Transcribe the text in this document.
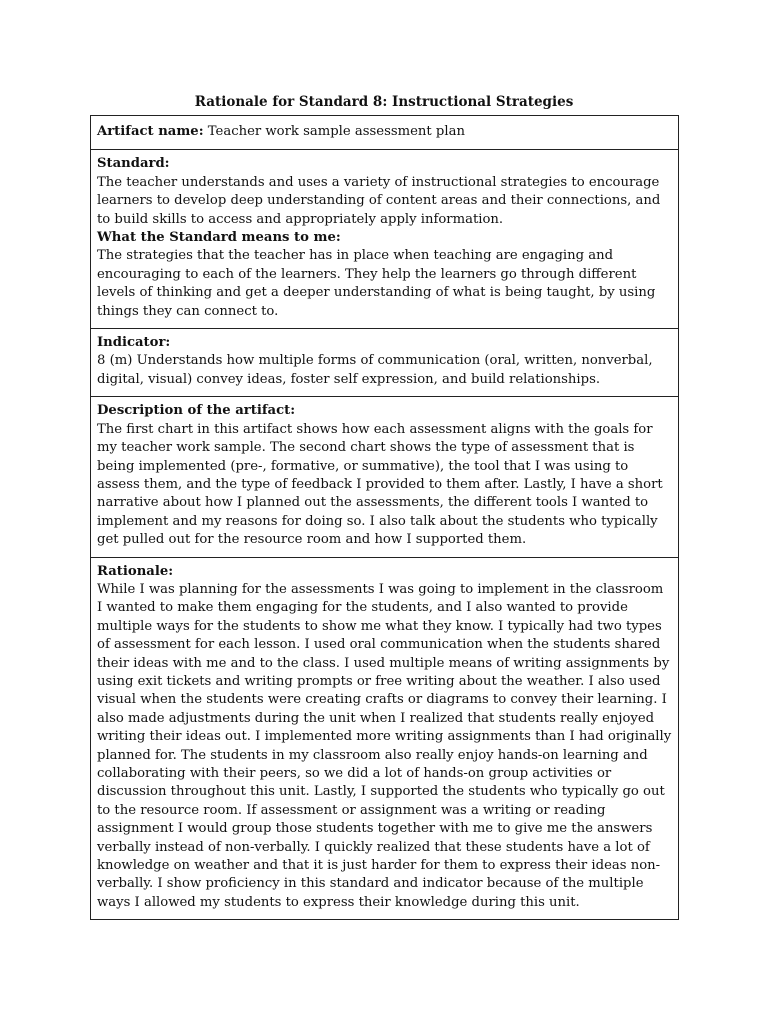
Rationale for Standard 8: Instructional Strategies
Artifact name: Teacher work sample assessment plan
Standard:
The teacher understands and uses a variety of instructional strategies to encourage learners to develop deep understanding of content areas and their connections, and to build skills to access and appropriately apply information.
What the Standard means to me:
The strategies that the teacher has in place when teaching are engaging and encouraging to each of the learners. They help the learners go through different levels of thinking and get a deeper understanding of what is being taught, by using things they can connect to.
Indicator:
8 (m) Understands how multiple forms of communication (oral, written, nonverbal, digital, visual) convey ideas, foster self expression, and build relationships.
Description of the artifact:
The first chart in this artifact shows how each assessment aligns with the goals for my teacher work sample. The second chart shows the type of assessment that is being implemented (pre-, formative, or summative), the tool that I was using to assess them, and the type of feedback I provided to them after. Lastly, I have a short narrative about how I planned out the assessments, the different tools I wanted to implement and my reasons for doing so. I also talk about the students who typically get pulled out for the resource room and how I supported them.
Rationale:
While I was planning for the assessments I was going to implement in the classroom I wanted to make them engaging for the students, and I also wanted to provide multiple ways for the students to show me what they know. I typically had two types of assessment for each lesson. I used oral communication when the students shared their ideas with me and to the class. I used multiple means of writing assignments by using exit tickets and writing prompts or free writing about the weather. I also used visual when the students were creating crafts or diagrams to convey their learning. I also made adjustments during the unit when I realized that students really enjoyed writing their ideas out. I implemented more writing assignments than I had originally planned for. The students in my classroom also really enjoy hands-on learning and collaborating with their peers, so we did a lot of hands-on group activities or discussion throughout this unit. Lastly, I supported the students who typically go out to the resource room. If assessment or assignment was a writing or reading assignment I would group those students together with me to give me the answers verbally instead of non-verbally. I quickly realized that these students have a lot of knowledge on weather and that it is just harder for them to express their ideas non-verbally. I show proficiency in this standard and indicator because of the multiple ways I allowed my students to express their knowledge during this unit.
